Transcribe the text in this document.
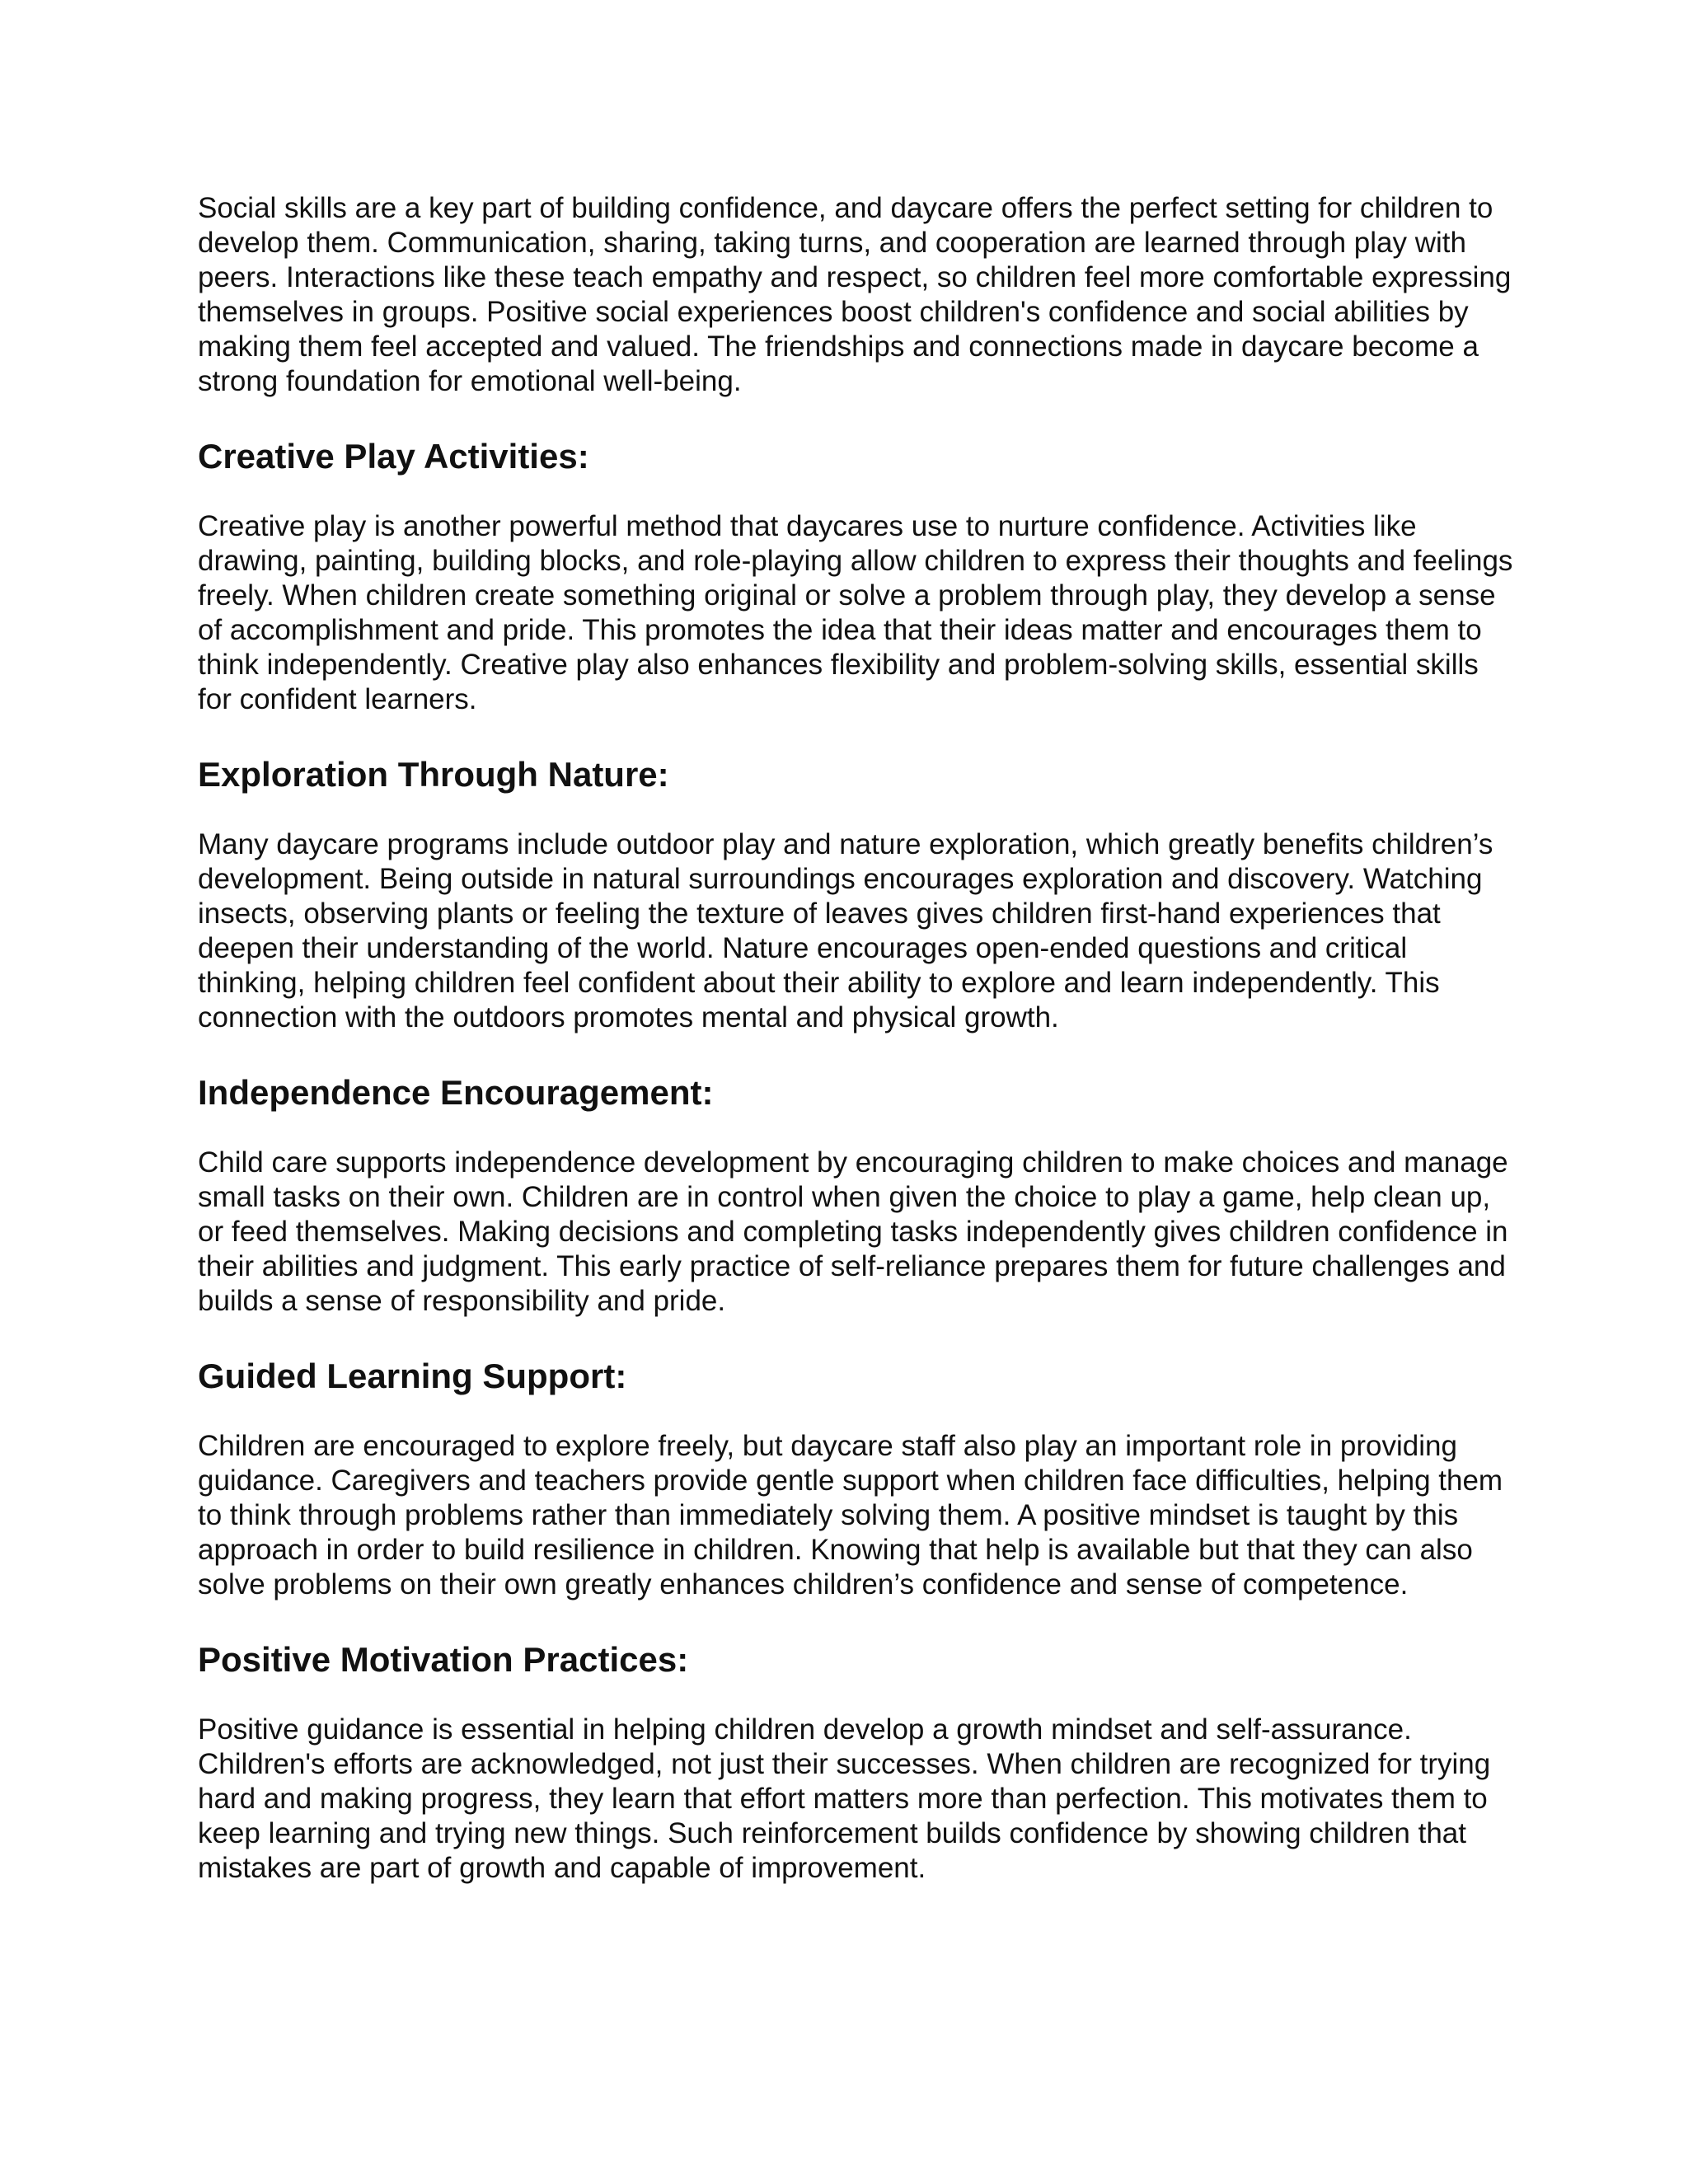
Social skills are a key part of building confidence, and daycare offers the perfect setting for children to develop them. Communication, sharing, taking turns, and cooperation are learned through play with peers. Interactions like these teach empathy and respect, so children feel more comfortable expressing themselves in groups. Positive social experiences boost children's confidence and social abilities by making them feel accepted and valued. The friendships and connections made in daycare become a strong foundation for emotional well-being.

Creative Play Activities:

Creative play is another powerful method that daycares use to nurture confidence. Activities like drawing, painting, building blocks, and role-playing allow children to express their thoughts and feelings freely. When children create something original or solve a problem through play, they develop a sense of accomplishment and pride. This promotes the idea that their ideas matter and encourages them to think independently. Creative play also enhances flexibility and problem-solving skills, essential skills for confident learners.

Exploration Through Nature:

Many daycare programs include outdoor play and nature exploration, which greatly benefits children’s development. Being outside in natural surroundings encourages exploration and discovery. Watching insects, observing plants or feeling the texture of leaves gives children first-hand experiences that deepen their understanding of the world. Nature encourages open-ended questions and critical thinking, helping children feel confident about their ability to explore and learn independently. This connection with the outdoors promotes mental and physical growth.

Independence Encouragement:

Child care supports independence development by encouraging children to make choices and manage small tasks on their own. Children are in control when given the choice to play a game, help clean up, or feed themselves. Making decisions and completing tasks independently gives children confidence in their abilities and judgment. This early practice of self-reliance prepares them for future challenges and builds a sense of responsibility and pride.

Guided Learning Support:

Children are encouraged to explore freely, but daycare staff also play an important role in providing guidance. Caregivers and teachers provide gentle support when children face difficulties, helping them to think through problems rather than immediately solving them. A positive mindset is taught by this approach in order to build resilience in children. Knowing that help is available but that they can also solve problems on their own greatly enhances children’s confidence and sense of competence.

Positive Motivation Practices:

Positive guidance is essential in helping children develop a growth mindset and self-assurance. Children's efforts are acknowledged, not just their successes. When children are recognized for trying hard and making progress, they learn that effort matters more than perfection. This motivates them to keep learning and trying new things. Such reinforcement builds confidence by showing children that mistakes are part of growth and capable of improvement.
